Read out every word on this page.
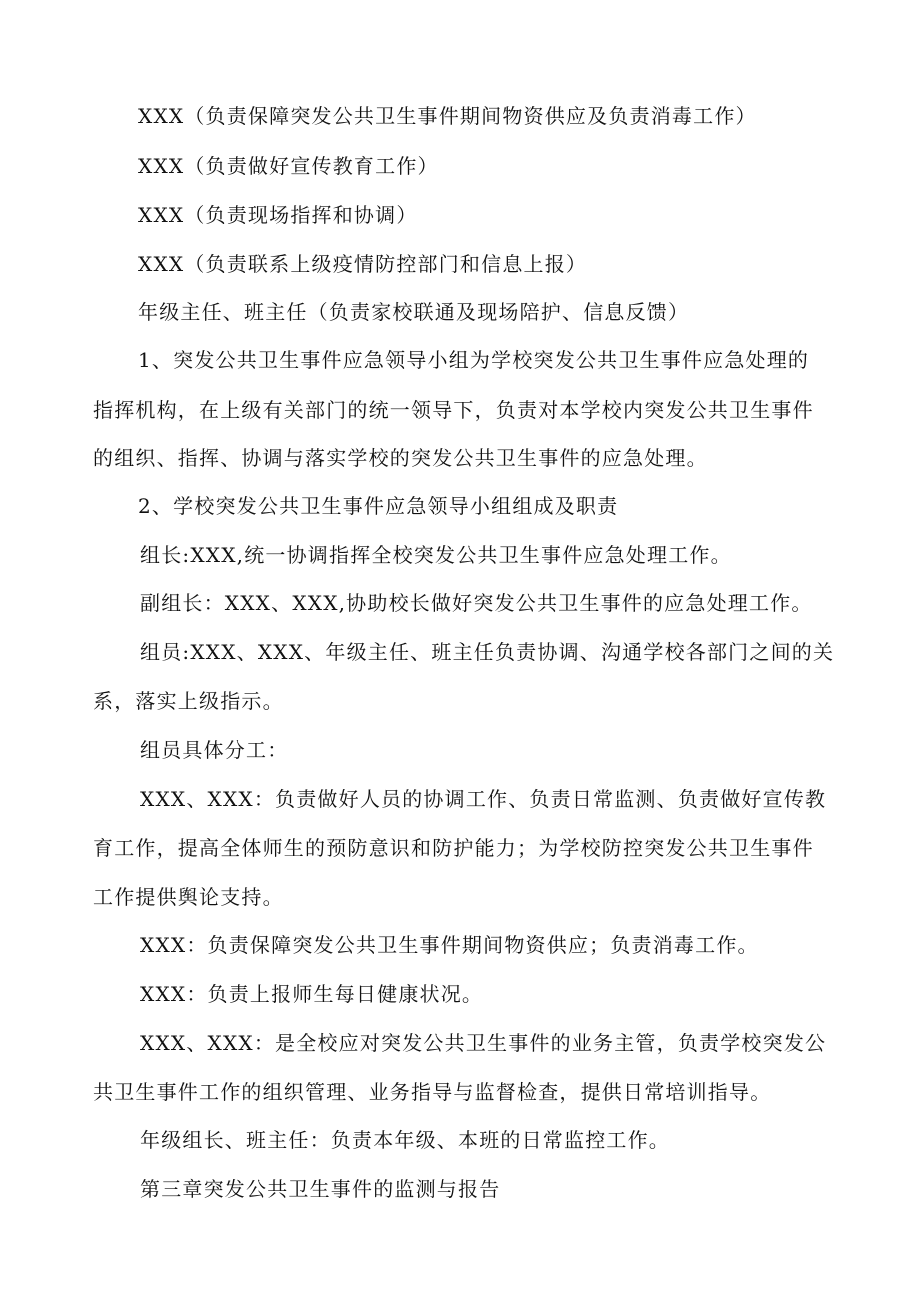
XXX（负责保障突发公共卫生事件期间物资供应及负责消毒工作）
XXX（负责做好宣传教育工作）
XXX（负责现场指挥和协调）
XXX（负责联系上级疫情防控部门和信息上报）
年级主任、班主任（负责家校联通及现场陪护、信息反馈）
1、突发公共卫生事件应急领导小组为学校突发公共卫生事件应急处理的
指挥机构，在上级有关部门的统一领导下，负责对本学校内突发公共卫生事件
的组织、指挥、协调与落实学校的突发公共卫生事件的应急处理。
2、学校突发公共卫生事件应急领导小组组成及职责
组长:XXX,统一协调指挥全校突发公共卫生事件应急处理工作。
副组长：XXX、XXX,协助校长做好突发公共卫生事件的应急处理工作。
组员:XXX、XXX、年级主任、班主任负责协调、沟通学校各部门之间的关
系，落实上级指示。
组员具体分工：
XXX、XXX：负责做好人员的协调工作、负责日常监测、负责做好宣传教
育工作，提高全体师生的预防意识和防护能力；为学校防控突发公共卫生事件
工作提供舆论支持。
XXX：负责保障突发公共卫生事件期间物资供应；负责消毒工作。
XXX：负责上报师生每日健康状况。
XXX、XXX：是全校应对突发公共卫生事件的业务主管，负责学校突发公
共卫生事件工作的组织管理、业务指导与监督检查，提供日常培训指导。
年级组长、班主任：负责本年级、本班的日常监控工作。
第三章突发公共卫生事件的监测与报告
